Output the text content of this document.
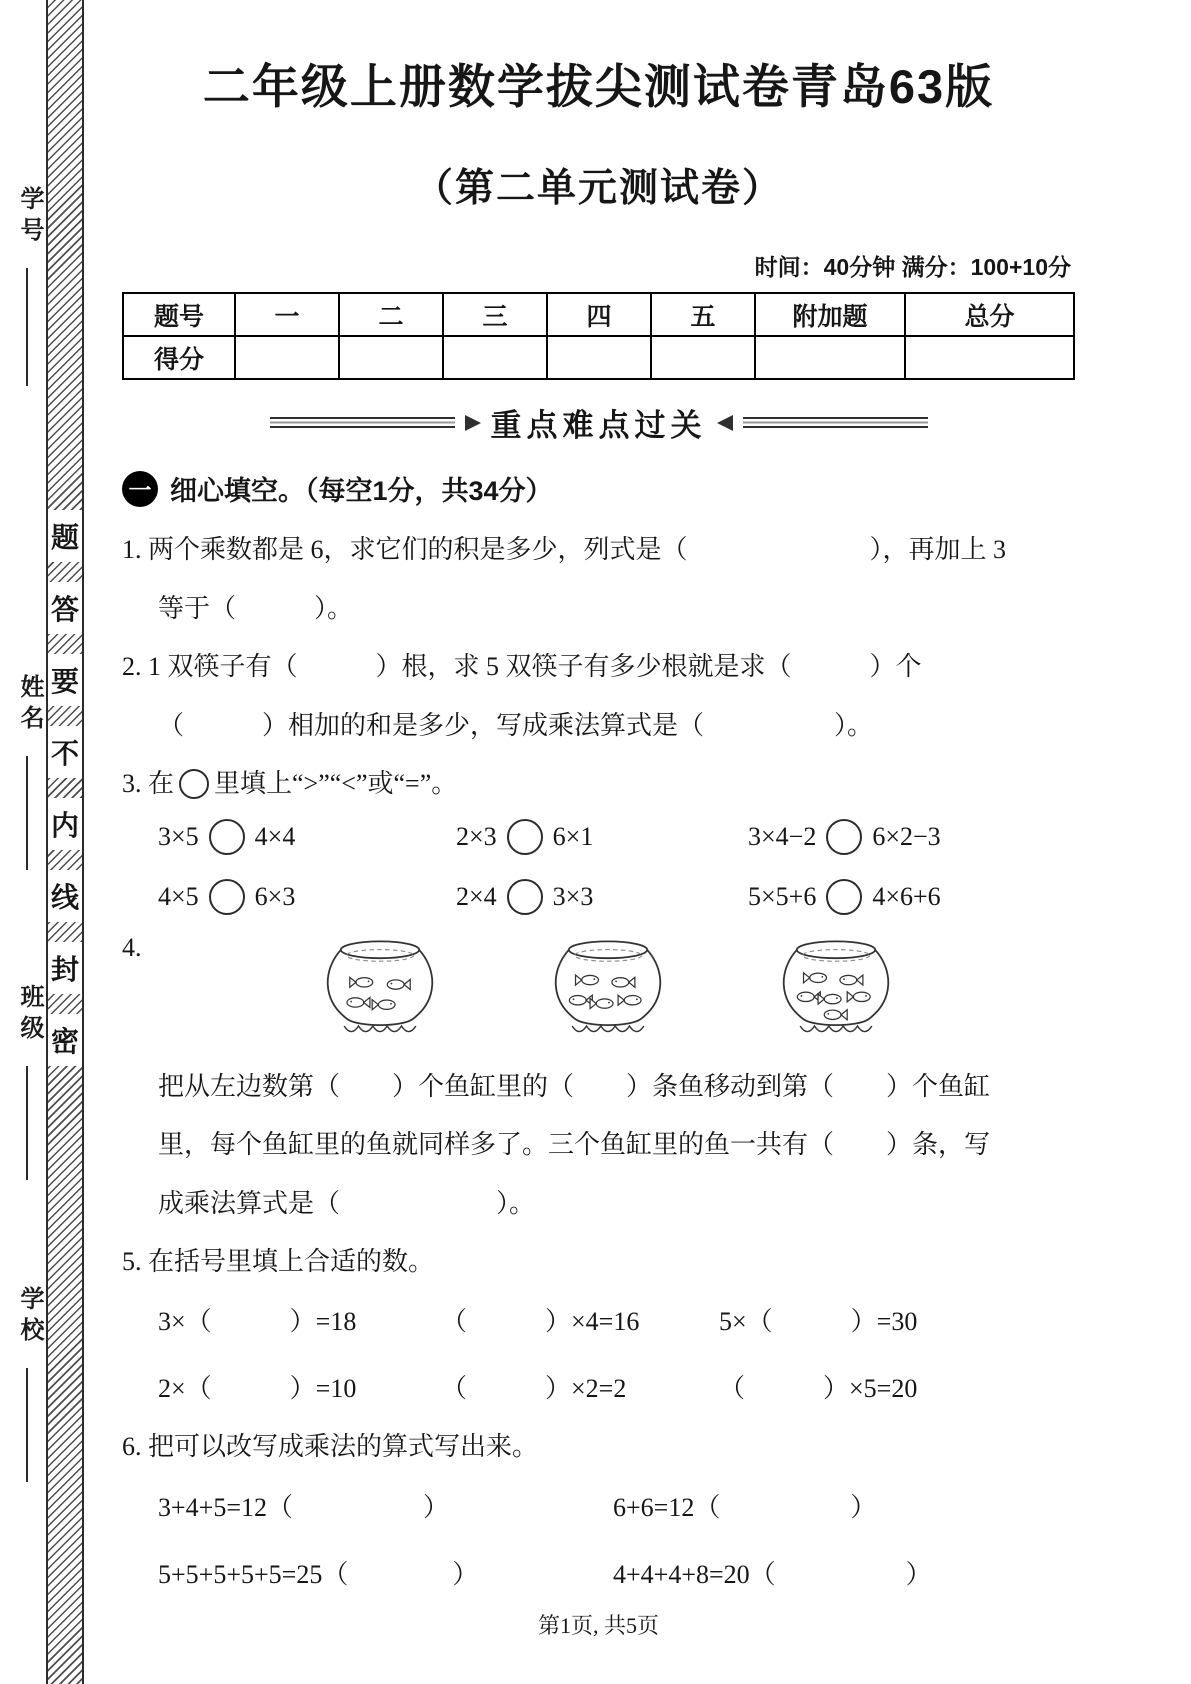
学号
姓名
班级
学校
题
答
要
不
内
线
封
密
二年级上册数学拔尖测试卷青岛63版
（第二单元测试卷）
时间：40分钟 满分：100+10分
题号	一	二	三	四	五	附加题	总分
得分							
重点难点过关
一 细心填空。（每空1分，共34分）

1. 两个乘数都是 6，求它们的积是多少，列式是（　　　　　　　），再加上 3

等于（　　　）。

2. 1 双筷子有（　　　）根，求 5 双筷子有多少根就是求（　　　）个

（　　　）相加的和是多少，写成乘法算式是（　　　　　）。

3. 在 里填上“>”“<”或“=”。

3×5 4×4	2×3 6×1	3×4−2 6×2−3
4×5 6×3	2×4 3×3	5×5+6 4×6+6
4.

把从左边数第（　　）个鱼缸里的（　　）条鱼移动到第（　　）个鱼缸

里，每个鱼缸里的鱼就同样多了。三个鱼缸里的鱼一共有（　　）条，写

成乘法算式是（　　　　　　）。

5. 在括号里填上合适的数。

3×（　　　）=18	（　　　）×4=16	5×（　　　）=30
2×（　　　）=10	（　　　）×2=2	（　　　）×5=20

6. 把可以改写成乘法的算式写出来。

3+4+5=12（　　　　　）	6+6=12（　　　　　）
5+5+5+5+5=25（　　　　）	4+4+4+8=20（　　　　　）
第1页, 共5页
